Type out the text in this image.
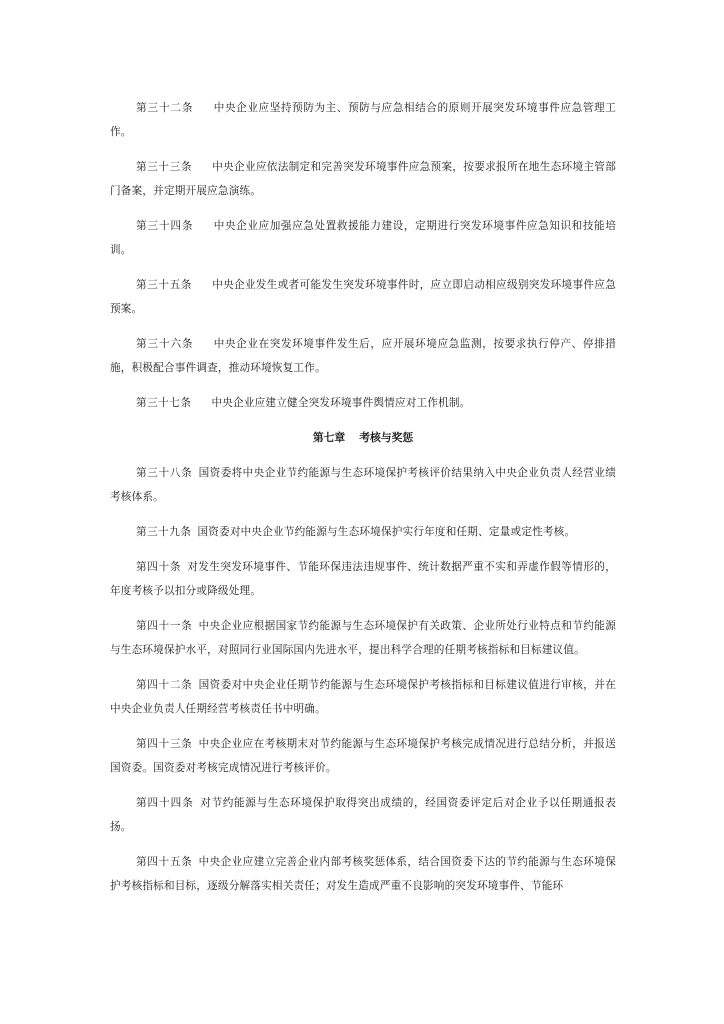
第三十二条 中央企业应坚持预防为主、预防与应急相结合的原则开展突发环境事件应急管理工作。

第三十三条 中央企业应依法制定和完善突发环境事件应急预案，按要求报所在地生态环境主管部门备案，并定期开展应急演练。

第三十四条 中央企业应加强应急处置救援能力建设，定期进行突发环境事件应急知识和技能培训。

第三十五条 中央企业发生或者可能发生突发环境事件时，应立即启动相应级别突发环境事件应急预案。

第三十六条 中央企业在突发环境事件发生后，应开展环境应急监测，按要求执行停产、停排措施，积极配合事件调查，推动环境恢复工作。

第三十七条 中央企业应建立健全突发环境事件舆情应对工作机制。

第七章 考核与奖惩

第三十八条 国资委将中央企业节约能源与生态环境保护考核评价结果纳入中央企业负责人经营业绩考核体系。

第三十九条 国资委对中央企业节约能源与生态环境保护实行年度和任期、定量或定性考核。

第四十条 对发生突发环境事件、节能环保违法违规事件、统计数据严重不实和弄虚作假等情形的，年度考核予以扣分或降级处理。

第四十一条 中央企业应根据国家节约能源与生态环境保护有关政策、企业所处行业特点和节约能源与生态环境保护水平，对照同行业国际国内先进水平，提出科学合理的任期考核指标和目标建议值。

第四十二条 国资委对中央企业任期节约能源与生态环境保护考核指标和目标建议值进行审核，并在中央企业负责人任期经营考核责任书中明确。

第四十三条 中央企业应在考核期末对节约能源与生态环境保护考核完成情况进行总结分析，并报送国资委。国资委对考核完成情况进行考核评价。

第四十四条 对节约能源与生态环境保护取得突出成绩的，经国资委评定后对企业予以任期通报表扬。

第四十五条 中央企业应建立完善企业内部考核奖惩体系，结合国资委下达的节约能源与生态环境保护考核指标和目标，逐级分解落实相关责任；对发生造成严重不良影响的突发环境事件、节能环
